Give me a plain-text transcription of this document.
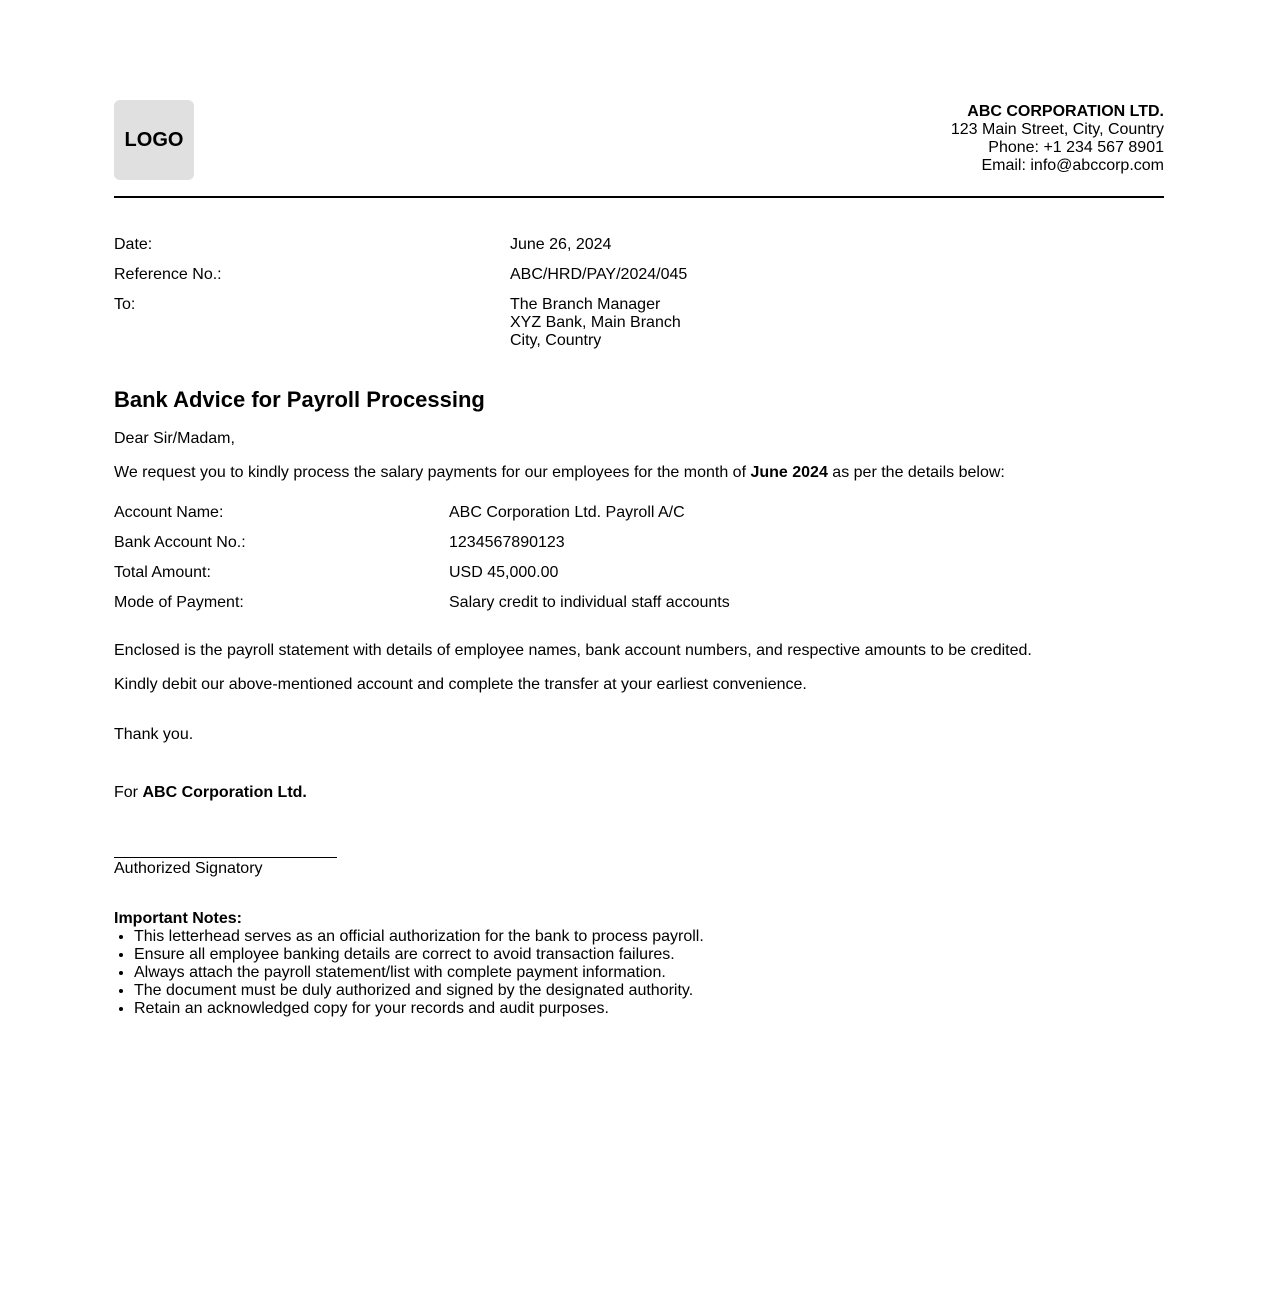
LOGO
ABC CORPORATION LTD.
123 Main Street, City, Country
Phone: +1 234 567 8901
Email: info@abccorp.com
Date:	June 26, 2024
Reference No.:	ABC/HRD/PAY/2024/045
To:	The Branch Manager
XYZ Bank, Main Branch
City, Country
Bank Advice for Payroll Processing
Dear Sir/Madam,
We request you to kindly process the salary payments for our employees for the month of June 2024 as per the details below:
Account Name:	ABC Corporation Ltd. Payroll A/C
Bank Account No.:	1234567890123
Total Amount:	USD 45,000.00
Mode of Payment:	Salary credit to individual staff accounts
Enclosed is the payroll statement with details of employee names, bank account numbers, and respective amounts to be credited.
Kindly debit our above-mentioned account and complete the transfer at your earliest convenience.
Thank you.
For ABC Corporation Ltd.
Authorized Signatory
Important Notes:
• This letterhead serves as an official authorization for the bank to process payroll.
• Ensure all employee banking details are correct to avoid transaction failures.
• Always attach the payroll statement/list with complete payment information.
• The document must be duly authorized and signed by the designated authority.
• Retain an acknowledged copy for your records and audit purposes.
